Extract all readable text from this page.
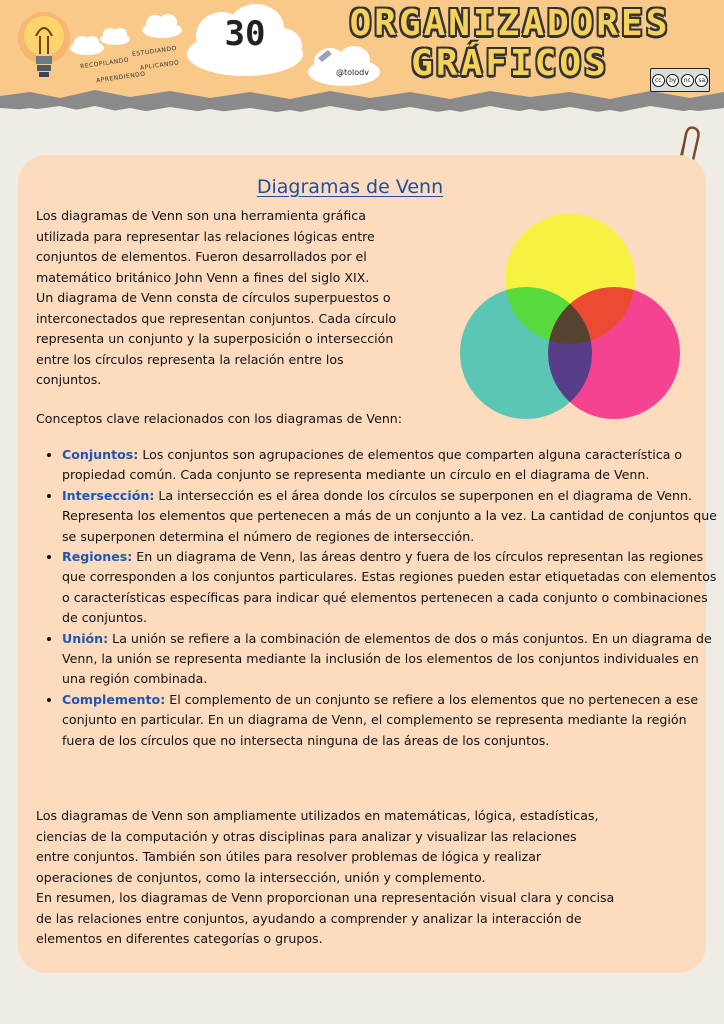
RECOPILANDO
ESTUDIANDO
APLICANDO
APRENDIENDO
30
@tolodv
ORGANIZADORES
GRÁFICOS	cc	by	nc	sa
Diagramas de Venn
Los diagramas de Venn son una herramienta gráfica
utilizada para representar las relaciones lógicas entre
conjuntos de elementos. Fueron desarrollados por el
matemático británico John Venn a fines del siglo XIX.
Un diagrama de Venn consta de círculos superpuestos o
interconectados que representan conjuntos. Cada círculo
representa un conjunto y la superposición o intersección
entre los círculos representa la relación entre los
conjuntos.
Conceptos clave relacionados con los diagramas de Venn:
• Conjuntos: Los conjuntos son agrupaciones de elementos que comparten alguna característica o propiedad común. Cada conjunto se representa mediante un círculo en el diagrama de Venn.
• Intersección: La intersección es el área donde los círculos se superponen en el diagrama de Venn. Representa los elementos que pertenecen a más de un conjunto a la vez. La cantidad de conjuntos que se superponen determina el número de regiones de intersección.
• Regiones: En un diagrama de Venn, las áreas dentro y fuera de los círculos representan las regiones que corresponden a los conjuntos particulares. Estas regiones pueden estar etiquetadas con elementos o características específicas para indicar qué elementos pertenecen a cada conjunto o combinaciones de conjuntos.
• Unión: La unión se refiere a la combinación de elementos de dos o más conjuntos. En un diagrama de Venn, la unión se representa mediante la inclusión de los elementos de los conjuntos individuales en una región combinada.
• Complemento: El complemento de un conjunto se refiere a los elementos que no pertenecen a ese conjunto en particular. En un diagrama de Venn, el complemento se representa mediante la región fuera de los círculos que no intersecta ninguna de las áreas de los conjuntos.
Los diagramas de Venn son ampliamente utilizados en matemáticas, lógica, estadísticas,
ciencias de la computación y otras disciplinas para analizar y visualizar las relaciones
entre conjuntos. También son útiles para resolver problemas de lógica y realizar
operaciones de conjuntos, como la intersección, unión y complemento.
En resumen, los diagramas de Venn proporcionan una representación visual clara y concisa
de las relaciones entre conjuntos, ayudando a comprender y analizar la interacción de
elementos en diferentes categorías o grupos.
